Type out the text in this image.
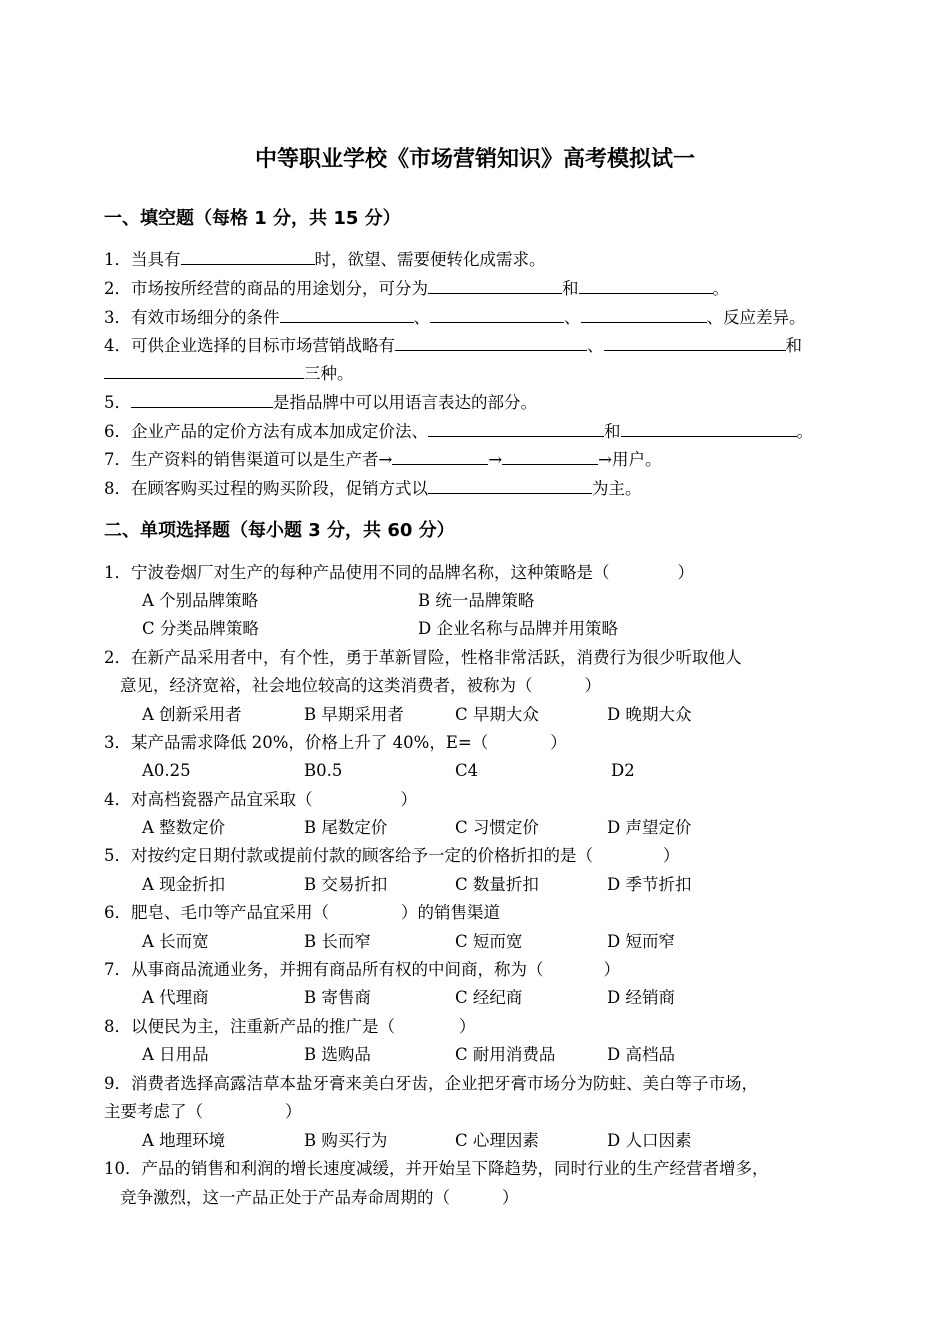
中等职业学校《市场营销知识》高考模拟试一
一、填空题（每格 1 分，共 15 分）
1．当具有	时，欲望、需要便转化成需求。
2．市场按所经营的商品的用途划分，可分为	和	。
3．有效市场细分的条件	、	、	、反应差异。
4．可供企业选择的目标市场营销战略有	、	和
三种。
5．	是指品牌中可以用语言表达的部分。
6．企业产品的定价方法有成本加成定价法、	和	。
7．生产资料的销售渠道可以是生产者→	→	→用户。
8．在顾客购买过程的购买阶段，促销方式以	为主。
二、单项选择题（每小题 3 分，共 60 分）
1．宁波卷烟厂对生产的每种产品使用不同的品牌名称，这种策略是（	）
A 个别品牌策略	B 统一品牌策略
C 分类品牌策略	D 企业名称与品牌并用策略
2．在新产品采用者中，有个性，勇于革新冒险，性格非常活跃，消费行为很少听取他人
意见，经济宽裕，社会地位较高的这类消费者，被称为（	）
A 创新采用者	B 早期采用者	C 早期大众	D 晚期大众
3．某产品需求降低 20%，价格上升了 40%，E=（	）
A0.25	B0.5	C4	D2
4．对高档瓷器产品宜采取（	）
A 整数定价	B 尾数定价	C 习惯定价	D 声望定价
5．对按约定日期付款或提前付款的顾客给予一定的价格折扣的是（	）
A 现金折扣	B 交易折扣	C 数量折扣	D 季节折扣
6．肥皂、毛巾等产品宜采用（	）的销售渠道
A 长而宽	B 长而窄	C 短而宽	D 短而窄
7．从事商品流通业务，并拥有商品所有权的中间商，称为（	）
A 代理商	B 寄售商	C 经纪商	D 经销商
8．以便民为主，注重新产品的推广是（	）
A 日用品	B 选购品	C 耐用消费品	D 高档品
9．消费者选择高露洁草本盐牙膏来美白牙齿，企业把牙膏市场分为防蛀、美白等子市场，
主要考虑了（	）
A 地理环境	B 购买行为	C 心理因素	D 人口因素
10．产品的销售和利润的增长速度减缓，并开始呈下降趋势，同时行业的生产经营者增多，
竞争激烈，这一产品正处于产品寿命周期的（	）
